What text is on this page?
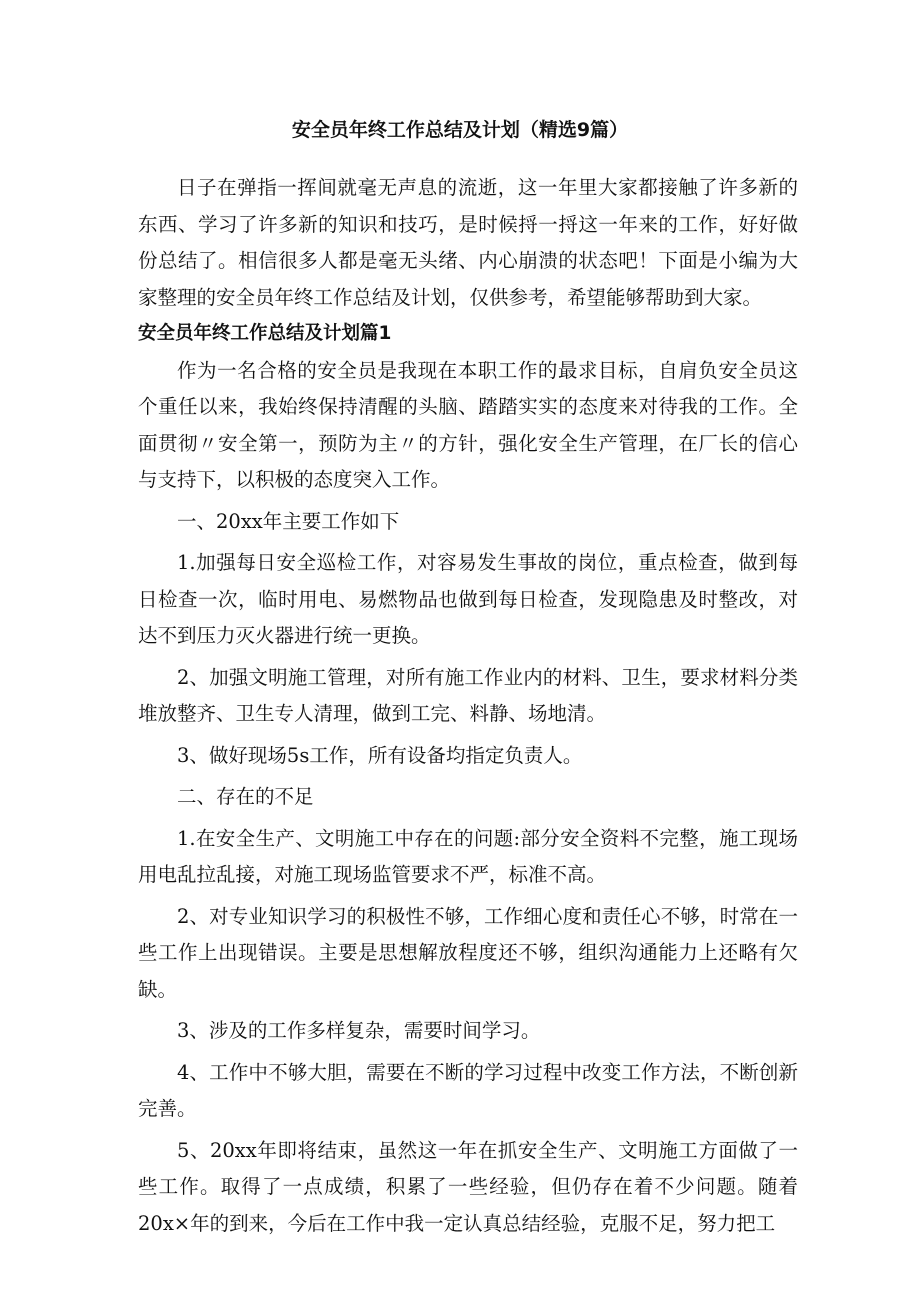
安全员年终工作总结及计划（精选9篇）

日子在弹指一挥间就毫无声息的流逝，这一年里大家都接触了许多新的东西、学习了许多新的知识和技巧，是时候捋一捋这一年来的工作，好好做份总结了。相信很多人都是毫无头绪、内心崩溃的状态吧！下面是小编为大家整理的安全员年终工作总结及计划，仅供参考，希望能够帮助到大家。

安全员年终工作总结及计划篇1

作为一名合格的安全员是我现在本职工作的最求目标，自肩负安全员这个重任以来，我始终保持清醒的头脑、踏踏实实的态度来对待我的工作。全面贯彻〃安全第一，预防为主〃的方针，强化安全生产管理，在厂长的信心与支持下，以积极的态度突入工作。

一、20xx年主要工作如下

1.加强每日安全巡检工作，对容易发生事故的岗位，重点检查，做到每日检查一次，临时用电、易燃物品也做到每日检查，发现隐患及时整改，对达不到压力灭火器进行统一更换。

2、加强文明施工管理，对所有施工作业内的材料、卫生，要求材料分类堆放整齐、卫生专人清理，做到工完、料静、场地清。

3、做好现场5s工作，所有设备均指定负责人。

二、存在的不足

1.在安全生产、文明施工中存在的问题:部分安全资料不完整，施工现场用电乱拉乱接，对施工现场监管要求不严，标准不高。

2、对专业知识学习的积极性不够，工作细心度和责任心不够，时常在一些工作上出现错误。主要是思想解放程度还不够，组织沟通能力上还略有欠缺。

3、涉及的工作多样复杂，需要时间学习。

4、工作中不够大胆，需要在不断的学习过程中改变工作方法，不断创新完善。

5、20xx年即将结束，虽然这一年在抓安全生产、文明施工方面做了一些工作。取得了一点成绩，积累了一些经验，但仍存在着不少问题。随着20x×年的到来，今后在工作中我一定认真总结经验，克服不足，努力把工
